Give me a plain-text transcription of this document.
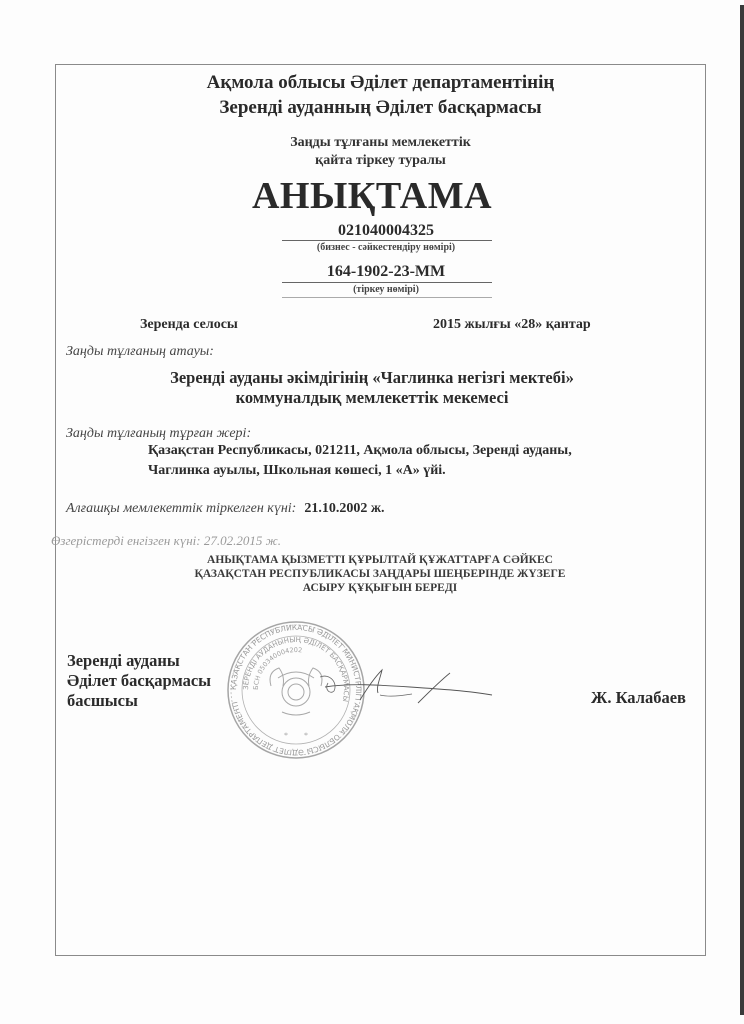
Ақмола облысы Әділет департаментінің
Зеренді ауданның Әділет басқармасы
Заңды тұлғаны мемлекеттік
қайта тіркеу туралы
АНЫҚТАМА
021040004325
(бизнес - сәйкестендіру нөмірі)
164-1902-23-ММ
(тіркеу нөмірі)
Зеренда селосы	2015 жылғы «28» қантар
Заңды тұлғаның атауы:
Зеренді ауданы әкімдігінің «Чаглинка негізгі мектебі»
коммуналдық мемлекеттік мекемесі
Заңды тұлғаның тұрған жері:
Қазақстан Республикасы, 021211, Ақмола облысы, Зеренді ауданы,
Чаглинка ауылы, Школьная көшесі, 1 «А» үйі.
Алғашқы мемлекеттік тіркелген күні: 21.10.2002 ж.
Өзгерістерді енгізген күні: 27.02.2015 ж.
АНЫҚТАМА ҚЫЗМЕТТІ ҚҰРЫЛТАЙ ҚҰЖАТТАРҒА СӘЙКЕС
ҚАЗАҚСТАН РЕСПУБЛИКАСЫ ЗАҢДАРЫ ШЕҢБЕРІНДЕ ЖҮЗЕГЕ
АСЫРУ ҚҰҚЫҒЫН БЕРЕДІ
Зеренді ауданы
Әділет басқармасы
басшысы
ҚАЗАҚСТАН РЕСПУБЛИКАСЫ ӘДІЛЕТ МИНИСТРЛІГІ АҚМОЛА ОБЛЫСЫ ӘДІЛЕТ ДЕПАРТАМЕНТІ
ЗЕРЕНДІ АУДАНЫНЫҢ ӘДІЛЕТ БАСҚАРМАСЫ
БСН 050340004202
* *
Ж. Калабаев
